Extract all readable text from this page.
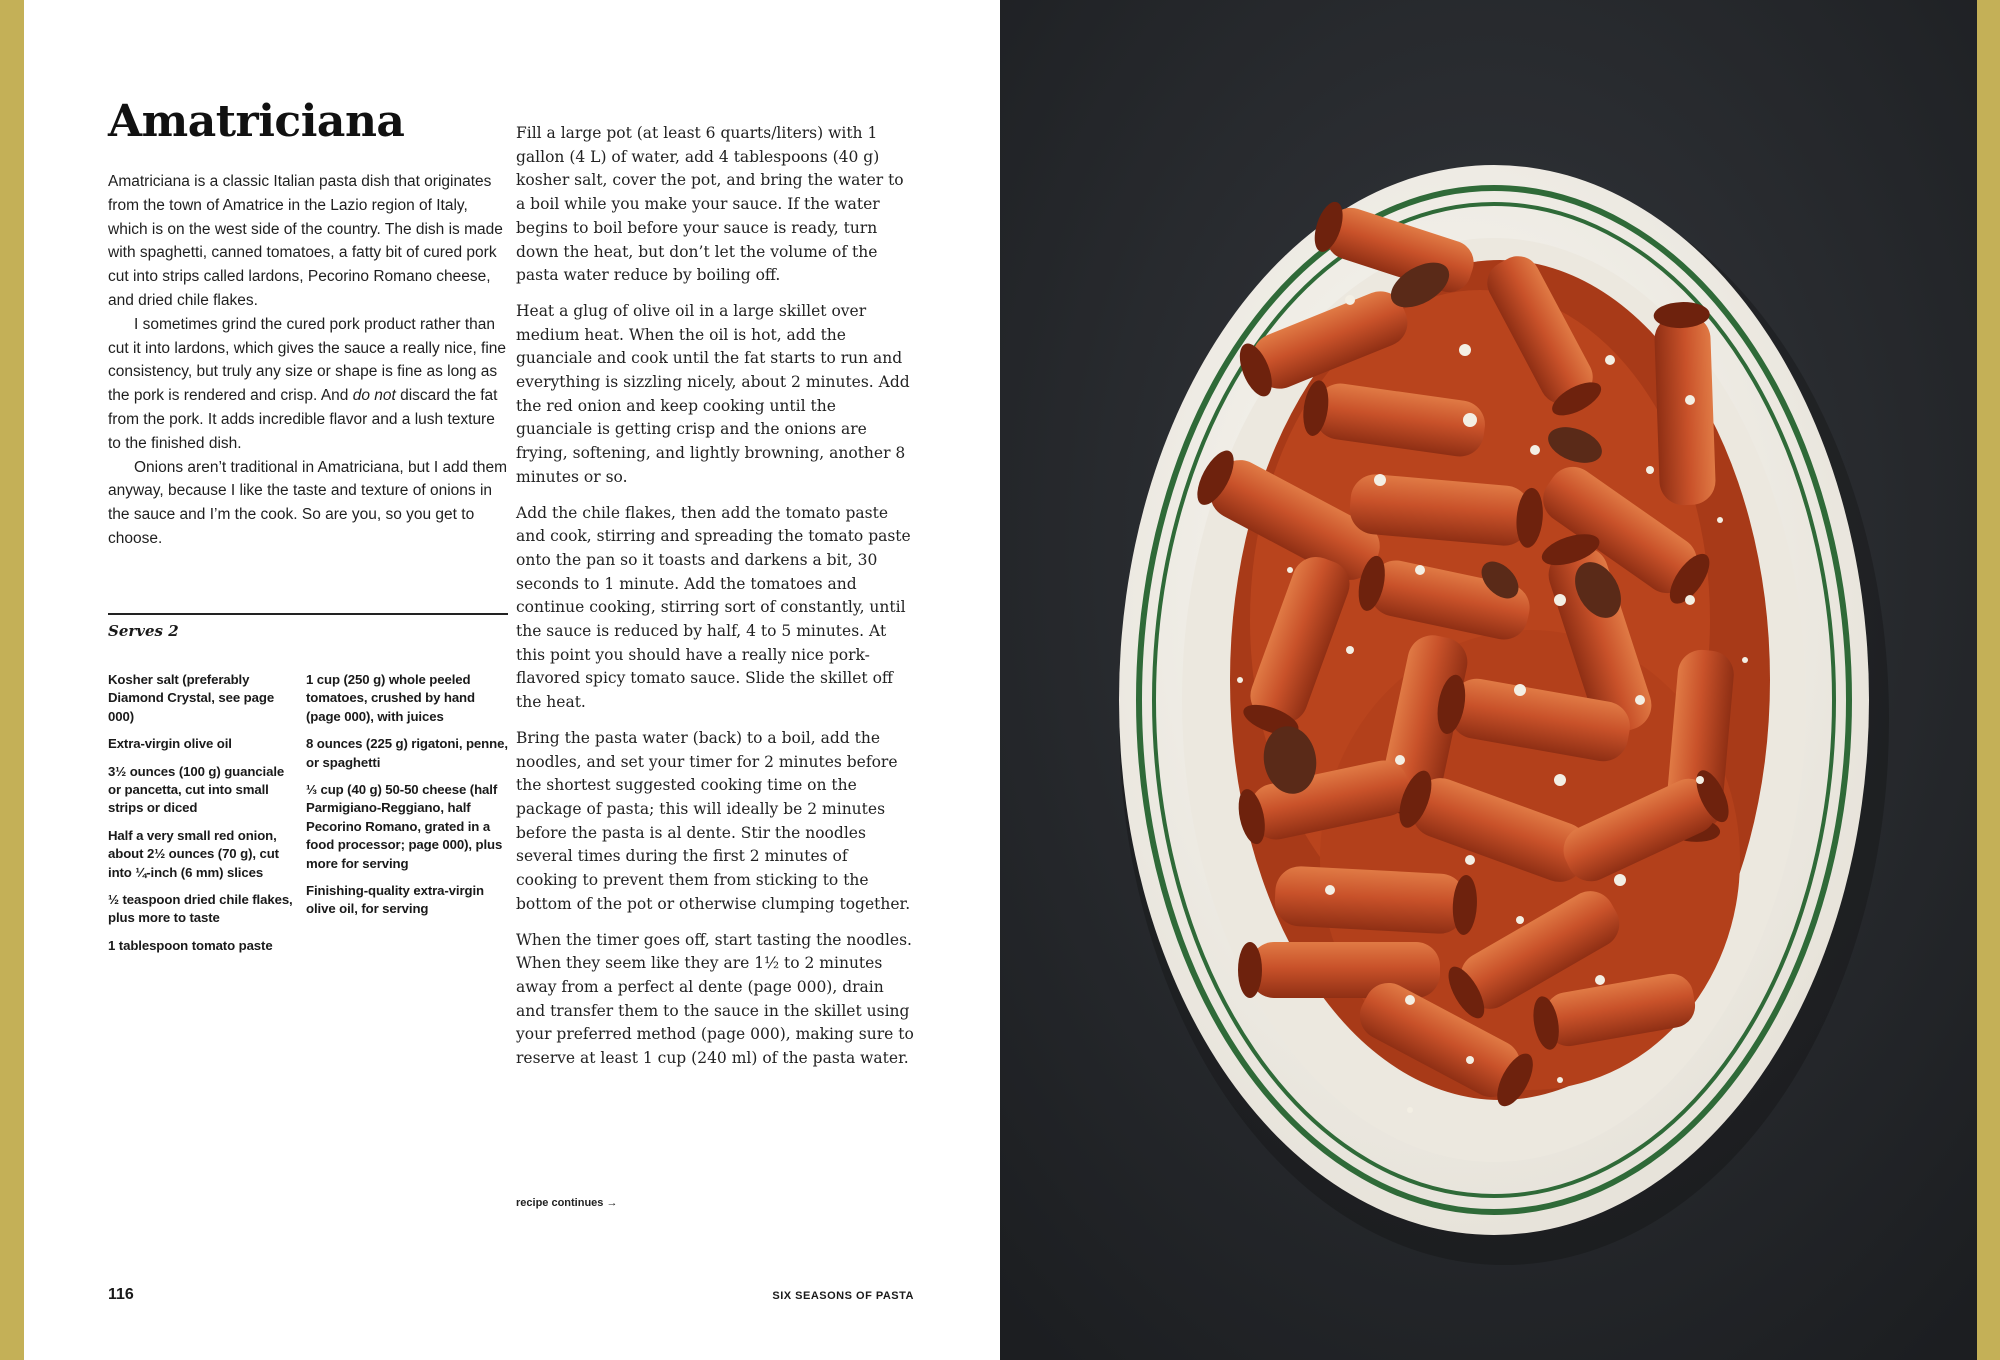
Amatriciana

Amatriciana is a classic Italian pasta dish that originates from the town of Amatrice in the Lazio region of Italy, which is on the west side of the country. The dish is made with spaghetti, canned tomatoes, a fatty bit of cured pork cut into strips called lardons, Pecorino Romano cheese, and dried chile flakes.

I sometimes grind the cured pork product rather than cut it into lardons, which gives the sauce a really nice, fine consistency, but truly any size or shape is fine as long as the pork is rendered and crisp. And do not discard the fat from the pork. It adds incredible flavor and a lush texture to the finished dish.

Onions aren’t traditional in Amatriciana, but I add them anyway, because I like the taste and texture of onions in the sauce and I’m the cook. So are you, so you get to choose.

Serves 2

Kosher salt (preferably Diamond Crystal, see page 000)

Extra-virgin olive oil

3½ ounces (100 g) guanciale or pancetta, cut into small strips or diced

Half a very small red onion, about 2½ ounces (70 g), cut into ¼-inch (6 mm) slices

½ teaspoon dried chile flakes, plus more to taste

1 tablespoon tomato paste

1 cup (250 g) whole peeled tomatoes, crushed by hand (page 000), with juices

8 ounces (225 g) rigatoni, penne, or spaghetti

⅓ cup (40 g) 50-50 cheese (half Parmigiano-Reggiano, half Pecorino Romano, grated in a food processor; page 000), plus more for serving

Finishing-quality extra-virgin olive oil, for serving

Fill a large pot (at least 6 quarts/liters) with 1 gallon (4 L) of water, add 4 tablespoons (40 g) kosher salt, cover the pot, and bring the water to a boil while you make your sauce. If the water begins to boil before your sauce is ready, turn down the heat, but don’t let the volume of the pasta water reduce by boiling off.

Heat a glug of olive oil in a large skillet over medium heat. When the oil is hot, add the guanciale and cook until the fat starts to run and everything is sizzling nicely, about 2 minutes. Add the red onion and keep cooking until the guanciale is getting crisp and the onions are frying, softening, and lightly browning, another 8 minutes or so.

Add the chile flakes, then add the tomato paste and cook, stirring and spreading the tomato paste onto the pan so it toasts and darkens a bit, 30 seconds to 1 minute. Add the tomatoes and continue cooking, stirring sort of constantly, until the sauce is reduced by half, 4 to 5 minutes. At this point you should have a really nice pork-flavored spicy tomato sauce. Slide the skillet off the heat.

Bring the pasta water (back) to a boil, add the noodles, and set your timer for 2 minutes before the shortest suggested cooking time on the package of pasta; this will ideally be 2 minutes before the pasta is al dente. Stir the noodles several times during the first 2 minutes of cooking to prevent them from sticking to the bottom of the pot or otherwise clumping together.

When the timer goes off, start tasting the noodles. When they seem like they are 1½ to 2 minutes away from a perfect al dente (page 000), drain and transfer them to the sauce in the skillet using your preferred method (page 000), making sure to reserve at least 1 cup (240 ml) of the pasta water.

recipe continues →
116	SIX SEASONS OF PASTA
